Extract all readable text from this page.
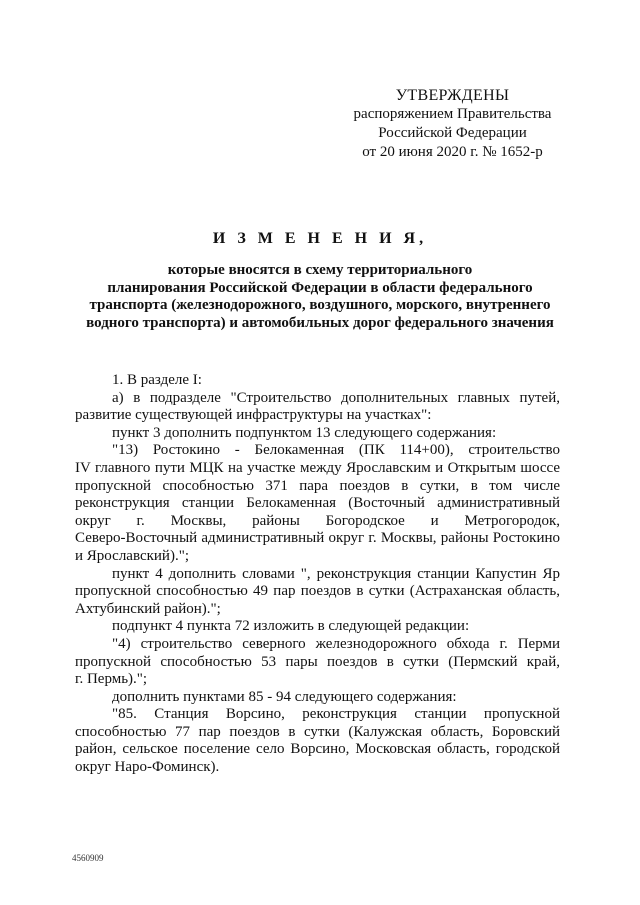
УТВЕРЖДЕНЫ
распоряжением Правительства
Российской Федерации
от 20 июня 2020 г. № 1652-р
И З М Е Н Е Н И Я,
которые вносятся в схему территориального
планирования Российской Федерации в области федерального
транспорта (железнодорожного, воздушного, морского, внутреннего
водного транспорта) и автомобильных дорог федерального значения
1. В разделе I:
а) в подразделе "Строительство дополнительных главных путей,
развитие существующей инфраструктуры на участках":
пункт 3 дополнить подпунктом 13 следующего содержания:
"13) Ростокино - Белокаменная (ПК 114+00), строительство
IV главного пути МЦК на участке между Ярославским и Открытым шоссе
пропускной способностью 371 пара поездов в сутки, в том числе
реконструкция станции Белокаменная (Восточный административный
округ г. Москвы, районы Богородское и Метрогородок,
Северо-Восточный административный округ г. Москвы, районы Ростокино
и Ярославский).";
пункт 4 дополнить словами ", реконструкция станции Капустин Яр
пропускной способностью 49 пар поездов в сутки (Астраханская область,
Ахтубинский район).";
подпункт 4 пункта 72 изложить в следующей редакции:
"4) строительство северного железнодорожного обхода г. Перми
пропускной способностью 53 пары поездов в сутки (Пермский край,
г. Пермь).";
дополнить пунктами 85 - 94 следующего содержания:
"85. Станция Ворсино, реконструкция станции пропускной
способностью 77 пар поездов в сутки (Калужская область, Боровский
район, сельское поселение село Ворсино, Московская область, городской
округ Наро-Фоминск).
4560909
